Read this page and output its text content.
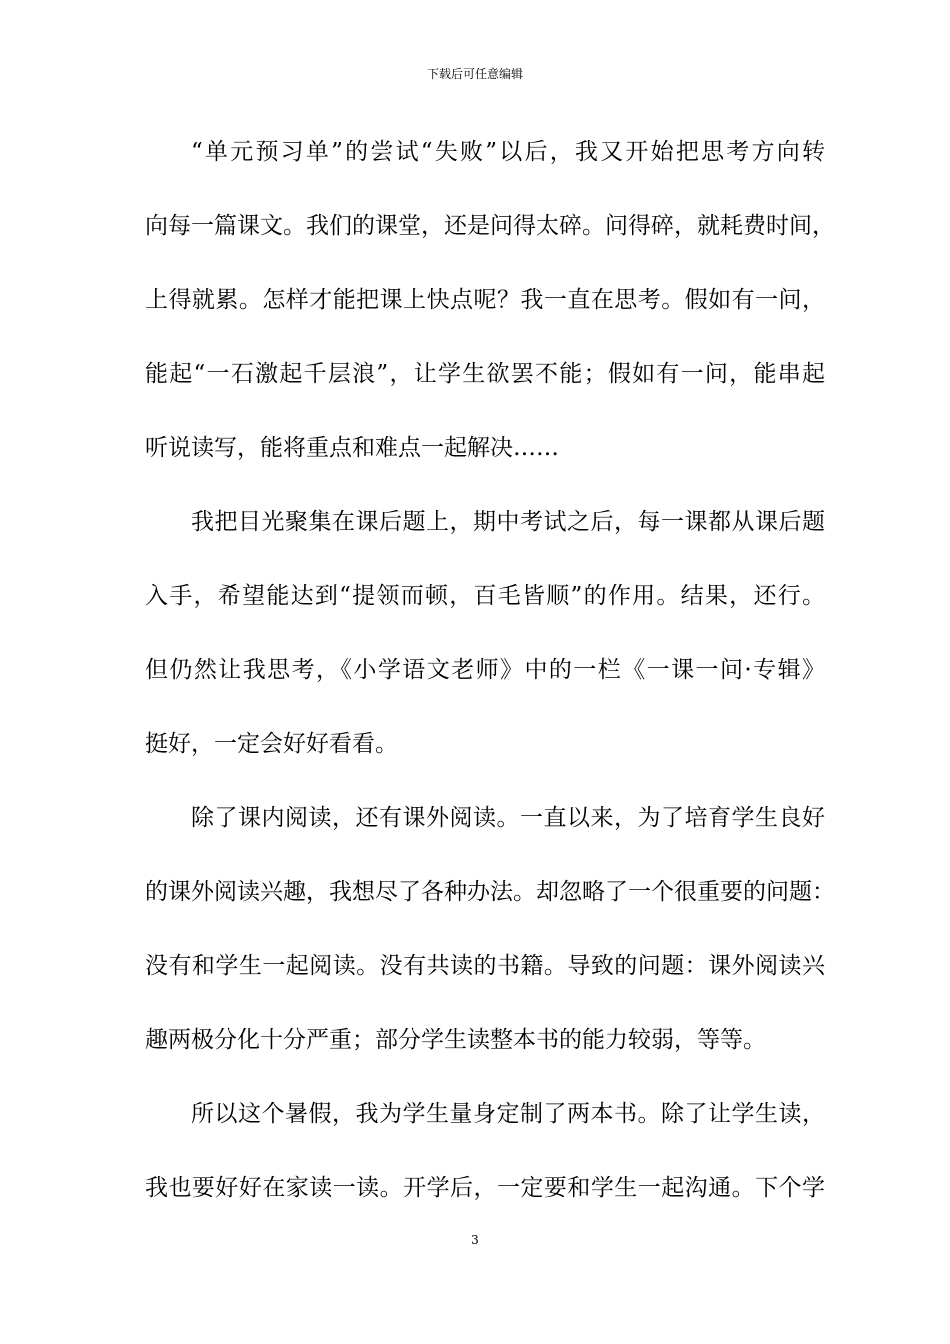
下载后可任意编辑
“单元预习单”的尝试“失败”以后，我又开始把思考方向转
向每一篇课文。我们的课堂，还是问得太碎。问得碎，就耗费时间，
上得就累。怎样才能把课上快点呢？我一直在思考。假如有一问，
能起“一石激起千层浪”，让学生欲罢不能；假如有一问，能串起
听说读写，能将重点和难点一起解决……
我把目光聚集在课后题上，期中考试之后，每一课都从课后题
入手，希望能达到“提领而顿，百毛皆顺”的作用。结果，还行。
但仍然让我思考，《小学语文老师》中的一栏《一课一问·专辑》
挺好，一定会好好看看。
除了课内阅读，还有课外阅读。一直以来，为了培育学生良好
的课外阅读兴趣，我想尽了各种办法。却忽略了一个很重要的问题：
没有和学生一起阅读。没有共读的书籍。导致的问题：课外阅读兴
趣两极分化十分严重；部分学生读整本书的能力较弱，等等。
所以这个暑假，我为学生量身定制了两本书。除了让学生读，
我也要好好在家读一读。开学后，一定要和学生一起沟通。下个学
3
